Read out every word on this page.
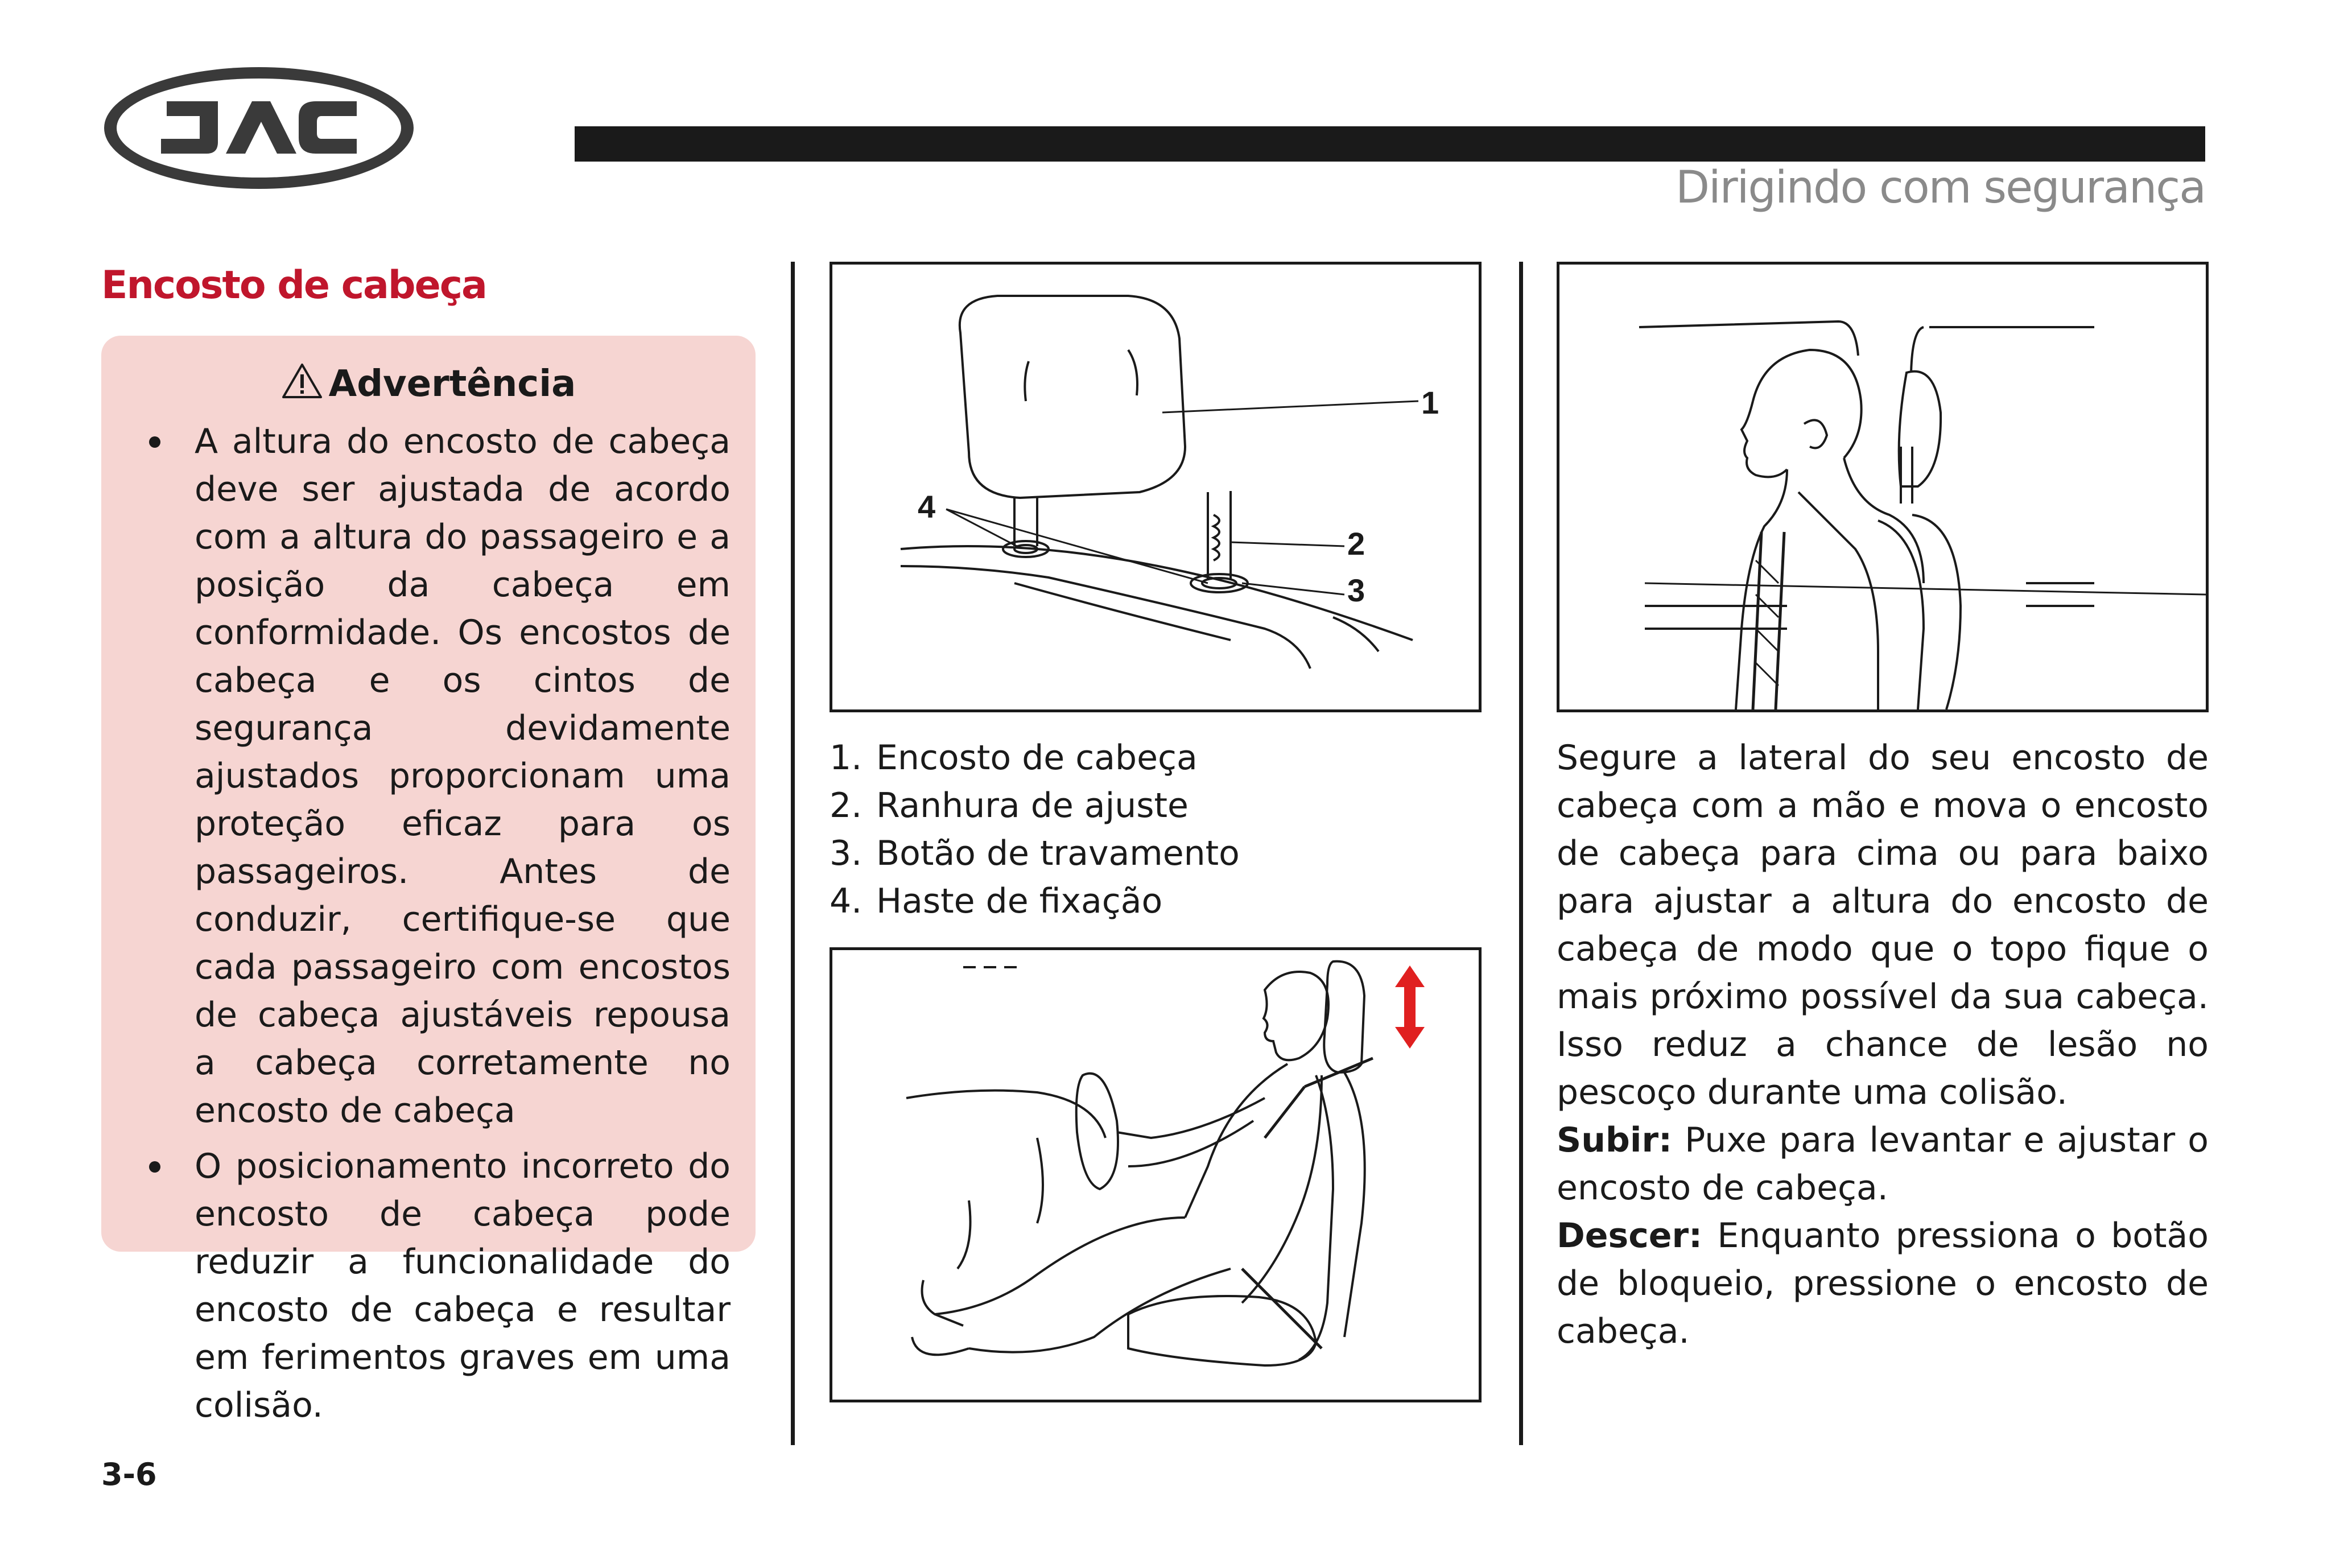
Dirigindo com segurança
Encosto de cabeça
Advertência
A altura do encosto de cabeça deve ser ajustada de acordo com a altura do passageiro e a posição da cabeça em conformidade. Os encostos de cabeça e os cintos de segurança devidamente ajustados proporcionam uma proteção eficaz para os passageiros. Antes de conduzir, certifique-se que cada passageiro com encostos de cabeça ajustáveis repousa a cabeça corretamente no encosto de cabeça
O posicionamento incorreto do encosto de cabeça pode reduzir a funcionalidade do encosto de cabeça e resultar em ferimentos graves em uma colisão.
1
2
3
4
1. Encosto de cabeça
2. Ranhura de ajuste
3. Botão de travamento
4. Haste de fixação

Segure a lateral do seu encosto de cabeça com a mão e mova o encosto de cabeça para cima ou para baixo para ajustar a altura do encosto de cabeça de modo que o topo fique o mais próximo possível da sua cabeça. Isso reduz a chance de lesão no pescoço durante uma colisão.

Subir: Puxe para levantar e ajustar o encosto de cabeça.

Descer: Enquanto pressiona o botão de bloqueio, pressione o encosto de cabeça.

3-6
